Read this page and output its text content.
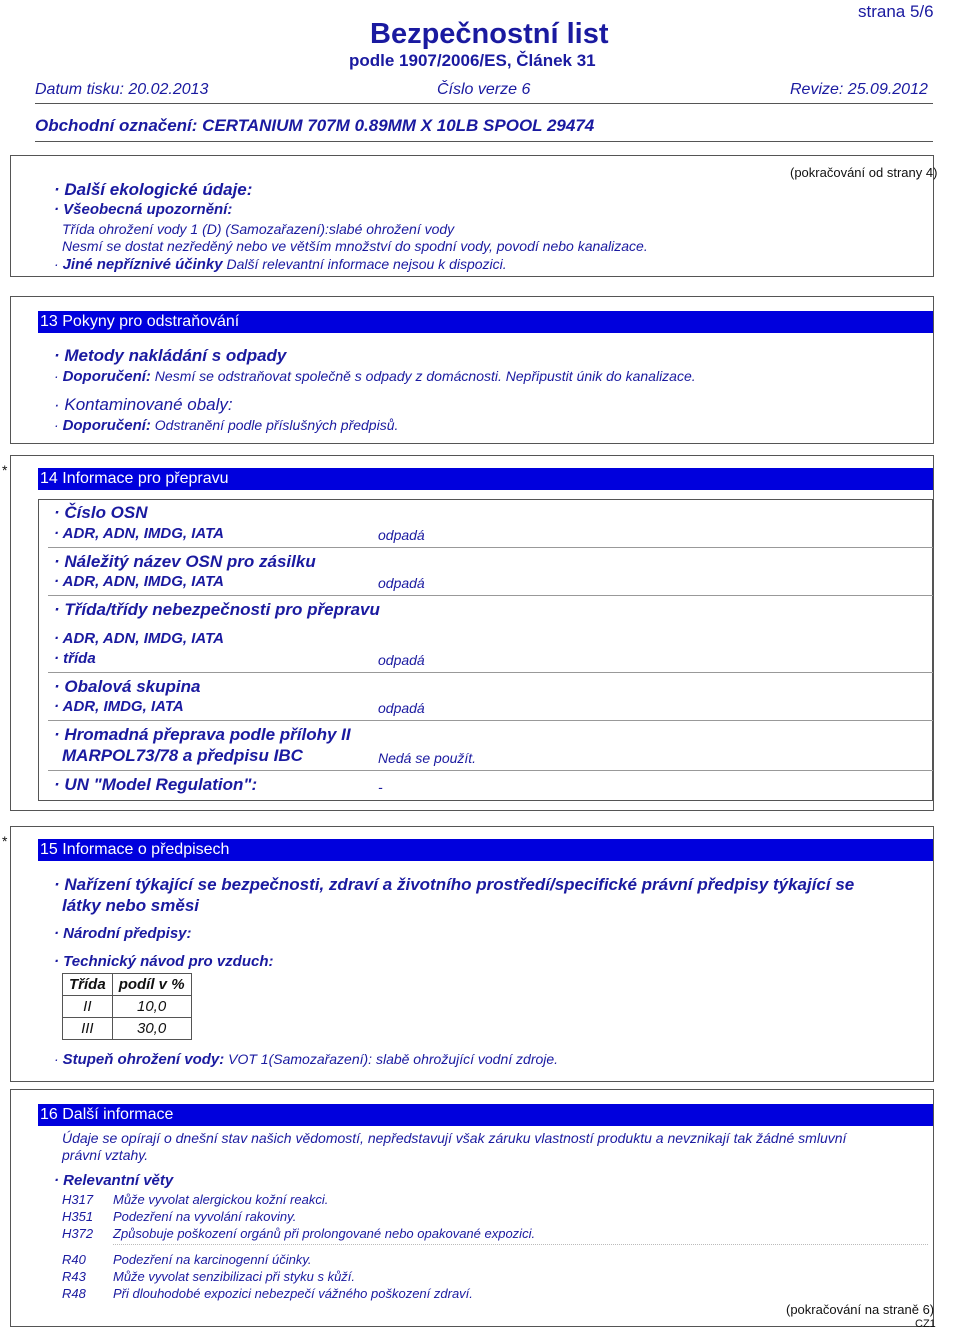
strana 5/6
Bezpečnostní list
podle 1907/2006/ES, Článek 31
Datum tisku: 20.02.2013	Číslo verze 6	Revize: 25.09.2012
Obchodní označení: CERTANIUM 707M 0.89MM X 10LB SPOOL 29474
(pokračování od strany 4)
· Další ekologické údaje:
· Všeobecná upozornění:
Třída ohrožení vody 1 (D) (Samozařazení):slabé ohrožení vody
Nesmí se dostat nezředěný nebo ve větším množství do spodní vody, povodí nebo kanalizace.
· Jiné nepříznivé účinky Další relevantní informace nejsou k dispozici.
13 Pokyny pro odstraňování
· Metody nakládání s odpady
· Doporučení: Nesmí se odstraňovat společně s odpady z domácnosti. Nepřipustit únik do kanalizace.
· Kontaminované obaly:
· Doporučení: Odstranění podle příslušných předpisů.
* 14 Informace pro přepravu
· Číslo OSN
· ADR, ADN, IMDG, IATA	odpadá
· Náležitý název OSN pro zásilku
· ADR, ADN, IMDG, IATA	odpadá
· Třída/třídy nebezpečnosti pro přepravu
· ADR, ADN, IMDG, IATA
· třída	odpadá
· Obalová skupina
· ADR, IMDG, IATA	odpadá
· Hromadná přeprava podle přílohy II
MARPOL73/78 a předpisu IBC	Nedá se použít.
· UN "Model Regulation":	-
* 15 Informace o předpisech
· Nařízení týkající se bezpečnosti, zdraví a životního prostředí/specifické právní předpisy týkající se
látky nebo směsi
· Národní předpisy:
· Technický návod pro vzduch:
Třída	podíl v %
II	10,0
III	30,0
· Stupeň ohrožení vody: VOT 1(Samozařazení): slabě ohrožující vodní zdroje.
16 Další informace
Údaje se opírají o dnešní stav našich vědomostí, nepředstavují však záruku vlastností produktu a nevznikají tak žádné smluvní
právní vztahy.
· Relevantní věty
H317 Může vyvolat alergickou kožní reakci.
H351 Podezření na vyvolání rakoviny.
H372 Způsobuje poškození orgánů při prolongované nebo opakované expozici.
R40 Podezření na karcinogenní účinky.
R43 Může vyvolat senzibilizaci při styku s kůží.
R48 Při dlouhodobé expozici nebezpečí vážného poškození zdraví.
(pokračování na straně 6)
CZ1
